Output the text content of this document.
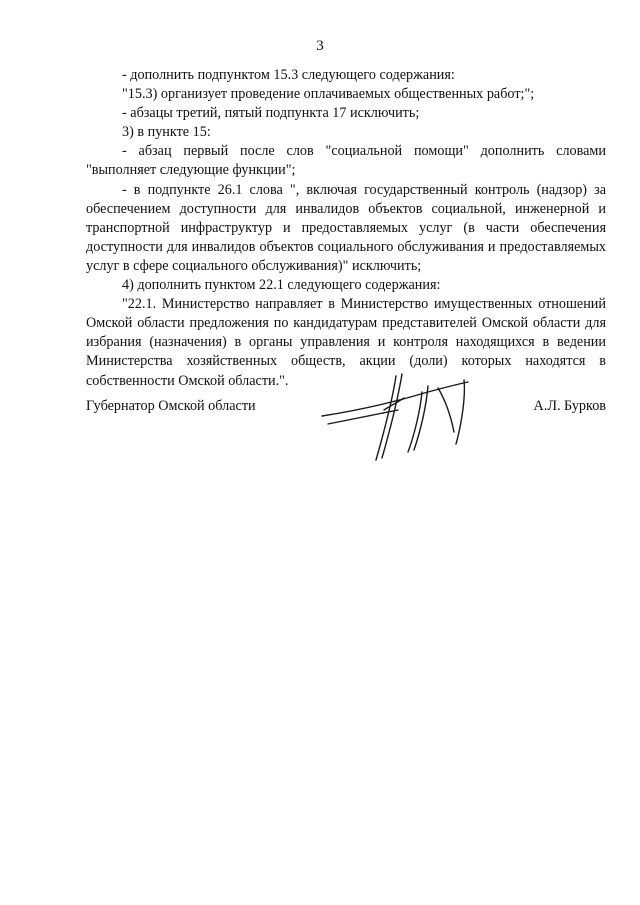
3

- дополнить подпунктом 15.3 следующего содержания:

"15.3) организует проведение оплачиваемых общественных работ;";

- абзацы третий, пятый подпункта 17 исключить;

3) в пункте 15:

- абзац первый после слов "социальной помощи" дополнить словами "выполняет следующие функции";

- в подпункте 26.1 слова ", включая государственный контроль (надзор) за обеспечением доступности для инвалидов объектов социальной, инженерной и транспортной инфраструктур и предоставляемых услуг (в части обеспечения доступности для инвалидов объектов социального обслуживания и предоставляемых услуг в сфере социального обслуживания)" исключить;

4) дополнить пунктом 22.1 следующего содержания:

"22.1. Министерство направляет в Министерство имущественных отношений Омской области предложения по кандидатурам представителей Омской области для избрания (назначения) в органы управления и контроля находящихся в ведении Министерства хозяйственных обществ, акции (доли) которых находятся в собственности Омской области.".

Губернатор Омской области	А.Л. Бурков
